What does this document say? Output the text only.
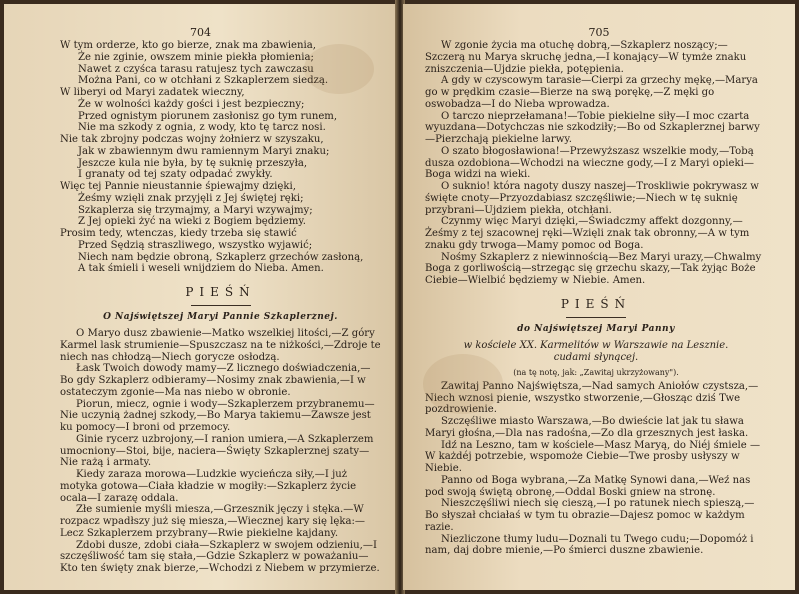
704
W tym orderze, kto go bierze, znak ma zbawienia,
Że nie zginie, owszem minie piekła płomienia;
Nawet z czyśca tarasu ratujesz tych zawczasu
Można Pani, co w otchłani z Szkaplerzem siedzą.
W liberyi od Maryi zadatek wieczny,
Że w wolności każdy gości i jest bezpieczny;
Przed ognistym piorunem zasłonisz go tym runem,
Nie ma szkody z ognia, z wody, kto tę tarcz nosi.
Nie tak zbrojny podczas wojny żołnierz w szyszaku,
Jak w zbawiennym dwu ramiennym Maryi znaku;
Jeszcze kula nie była, by tę suknię przeszyła,
I granaty od tej szaty odpadać zwykły.
Więc tej Pannie nieustannie śpiewajmy dzięki,
Żeśmy wzięli znak przyjęli z Jej świętej ręki;
Szkaplerza się trzymajmy, a Maryi wzywajmy;
Z Jej opieki żyć na wieki z Bogiem będziemy.
Prosim tedy, wtenczas, kiedy trzeba się stawić
Przed Sędzią straszliwego, wszystko wyjawić;
Niech nam będzie obroną, Szkaplerz grzechów zasłoną,
A tak śmieli i weseli wnijdziem do Nieba. Amen.
PIEŚŃ
O Najświętszej Maryi Pannie Szkaplerznej.
O Maryo dusz zbawienie—Matko wszelkiej litości,—Z góry Karmel lask strumienie—Spuszczasz na te niżkości,—Zdroje te niech nas chłodzą—Niech gorycze osłodzą.
Łask Twoich dowody mamy—Z licznego doświadczenia,—Bo gdy Szkaplerz odbieramy—Nosimy znak zbawienia,—I w ostateczym zgonie—Ma nas niebo w obronie.
Piorun, miecz, ognie i wody—Szkaplerzem przybranemu—Nie uczynią żadnej szkody,—Bo Marya takiemu—Zawsze jest ku pomocy—I broni od przemocy.
Ginie rycerz uzbrojony,—I ranion umiera,—A Szkaplerzem umocniony—Stoi, bije, naciera—Święty Szkaplerznej szaty—Nie rażą i armaty.
Kiedy zaraza morowa—Ludzkie wycieńcza siły,—I już motyka gotowa—Ciała kładzie w mogiły:—Szkaplerz życie ocala—I zarazę oddala.
Złe sumienie myśli miesza,—Grzesznik jęczy i stęka.—W rozpacz wpadłszy już się miesza,—Wiecznej kary się lęka:—Lecz Szkaplerzem przybrany—Rwie piekielne kajdany.
Zdobi dusze, zdobi ciała—Szkaplerz w swojem odzieniu,—I szczęśliwość tam się stała,—Gdzie Szkaplerz w poważaniu—Kto ten święty znak bierze,—Wchodzi z Niebem w przymierze.
705
W zgonie życia ma otuchę dobrą,—Szkaplerz noszący;—Szczerą nu Marya skruchę jedna,—I konający—W tymże znaku zniszczenia—Ujdzie piekła, potępienia.
A gdy w czyscowym tarasie—Cierpi za grzechy mękę,—Marya go w prędkim czasie—Bierze na swą porękę,—Z męki go oswobadza—I do Nieba wprowadza.
O tarczo nieprzełamana!—Tobie piekielne siły—I moc czarta wyuzdana—Dotychczas nie szkodziły;—Bo od Szkaplerznej barwy—Pierzchają piekielne larwy.
O szato błogosławiona!—Przewyższasz wszelkie mody,—Tobą dusza ozdobiona—Wchodzi na wieczne gody,—I z Maryi opieki—Boga widzi na wieki.
O suknio! która nagoty duszy naszej—Troskliwie pokrywasz w święte cnoty—Przyozdabiasz szczęśliwie;—Niech w tę suknię przybrani—Ujdziem piekła, otchłani.
Czynmy więc Maryi dzięki,—Świadczmy affekt dozgonny,—Żeśmy z tej szacownej ręki—Wzięli znak tak obronny,—A w tym znaku gdy trwoga—Mamy pomoc od Boga.
Nośmy Szkaplerz z niewinnością—Bez Maryi urazy,—Chwalmy Boga z gorliwością—strzegąc się grzechu skazy,—Tak żyjąc Boże Ciebie—Wielbić będziemy w Niebie. Amen.
PIEŚŃ
do Najświętszej Maryi Panny
w kościele XX. Karmelitów w Warszawie na Lesznie.
cudami słynącej.
(na tę notę, jak: „Zawitaj ukrzyżowany").
Zawitaj Panno Najświętsza,—Nad samych Aniołów czystsza,—Niech wznosi pienie, wszystko stworzenie,—Głosząc dziś Twe pozdrowienie.
Szczęśliwe miasto Warszawa,—Bo dwieście lat jak tu sława Maryi głośna,—Dla nas radośna,—Zo dla grzesznych jest łaska.
Idź na Leszno, tam w kościele—Masz Maryą, do Niéj śmiele —W każdéj potrzebie, wspomoże Ciebie—Twe prosby usłyszy w Niebie.
Panno od Boga wybrana,—Za Matkę Synowi dana,—Weź nas pod swoją świętą obronę,—Oddal Boski gniew na stronę.
Nieszczęśliwi niech się cieszą,—I po ratunek niech spieszą,—Bo słyszał chciałaś w tym tu obrazie—Dajesz pomoc w każdym razie.
Niezliczone tłumy ludu—Doznali tu Twego cudu;—Dopomóż i nam, daj dobre mienie,—Po śmierci duszne zbawienie.
